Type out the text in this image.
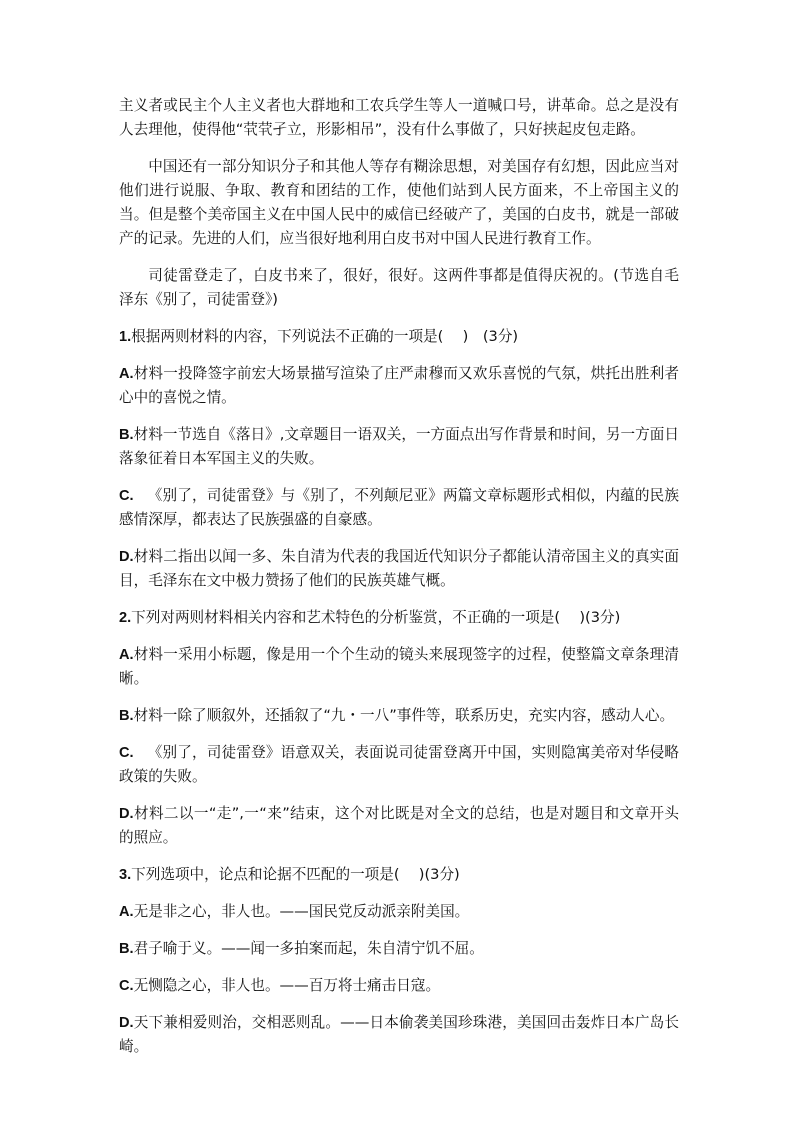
主义者或民主个人主义者也大群地和工农兵学生等人一道喊口号，讲革命。总之是没有人去理他，使得他“茕茕孑立，形影相吊”，没有什么事做了，只好挟起皮包走路。

中国还有一部分知识分子和其他人等存有糊涂思想，对美国存有幻想，因此应当对他们进行说服、争取、教育和团结的工作，使他们站到人民方面来，不上帝国主义的当。但是整个美帝国主义在中国人民中的威信已经破产了，美国的白皮书，就是一部破产的记录。先进的人们，应当很好地利用白皮书对中国人民进行教育工作。

司徒雷登走了，白皮书来了，很好，很好。这两件事都是值得庆祝的。(节选自毛泽东《别了，司徒雷登》)

1.根据两则材料的内容，下列说法不正确的一项是(　 )　(3分)

A.材料一投降签字前宏大场景描写渲染了庄严肃穆而又欢乐喜悦的气氛，烘托出胜利者心中的喜悦之情。

B.材料一节选自《落日》,文章题目一语双关，一方面点出写作背景和时间，另一方面日落象征着日本军国主义的失败。

C. 《别了，司徒雷登》与《别了，不列颠尼亚》两篇文章标题形式相似，内蕴的民族感情深厚，都表达了民族强盛的自豪感。

D.材料二指出以闻一多、朱自清为代表的我国近代知识分子都能认清帝国主义的真实面目，毛泽东在文中极力赞扬了他们的民族英雄气概。

2.下列对两则材料相关内容和艺术特色的分析鉴赏，不正确的一项是(　 )(3分)

A.材料一采用小标题，像是用一个个生动的镜头来展现签字的过程，使整篇文章条理清晰。

B.材料一除了顺叙外，还插叙了“九・一八”事件等，联系历史，充实内容，感动人心。

C. 《别了，司徒雷登》语意双关，表面说司徒雷登离开中国，实则隐寓美帝对华侵略政策的失败。

D.材料二以一“走”,一“来”结束，这个对比既是对全文的总结，也是对题目和文章开头的照应。

3.下列选项中，论点和论据不匹配的一项是(　 )(3分)

A.无是非之心，非人也。——国民党反动派亲附美国。

B.君子喻于义。——闻一多拍案而起，朱自清宁饥不屈。

C.无恻隐之心，非人也。——百万将士痛击日寇。

D.天下兼相爱则治，交相恶则乱。——日本偷袭美国珍珠港，美国回击轰炸日本广岛长崎。
